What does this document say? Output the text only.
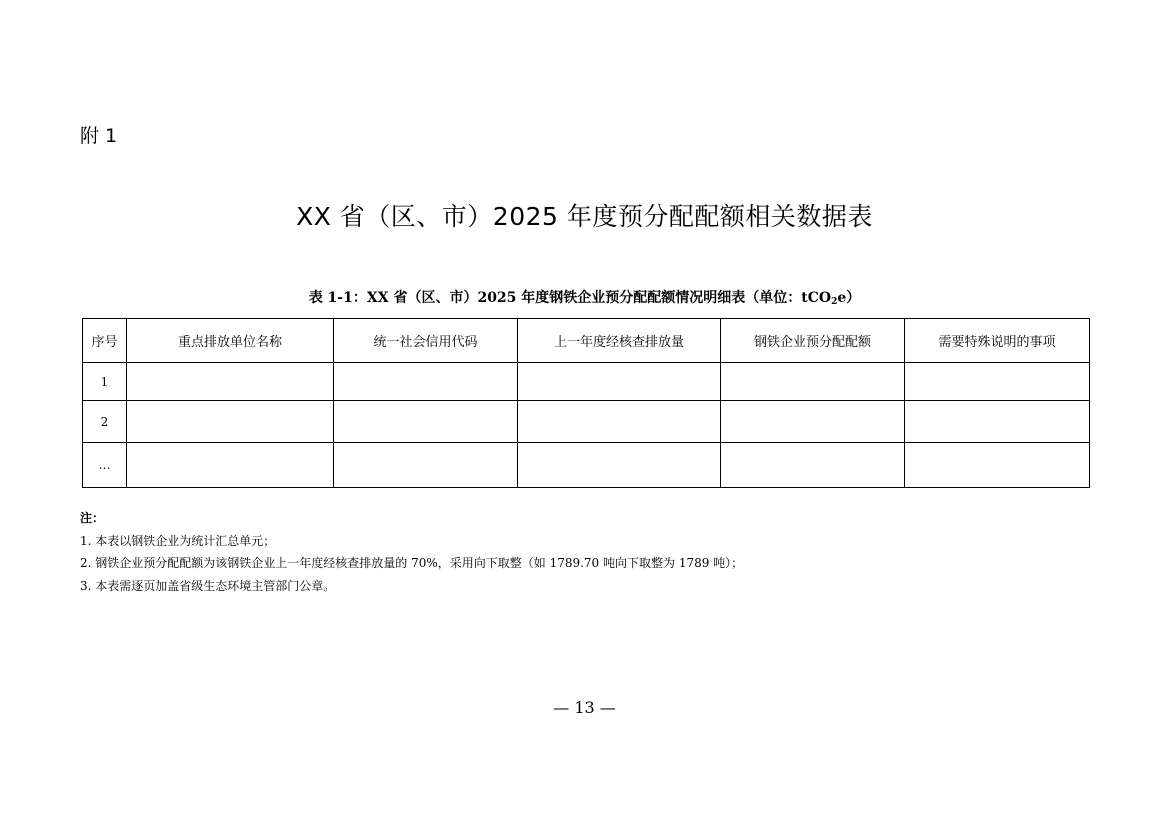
附 1
XX 省（区、市）2025 年度预分配配额相关数据表
表 1-1：XX 省（区、市）2025 年度钢铁企业预分配配额情况明细表（单位：tCO$_2$e）
序号	重点排放单位名称	统一社会信用代码	上一年度经核查排放量	钢铁企业预分配配额	需要特殊说明的事项
1					
2					
…					
注：
1. 本表以钢铁企业为统计汇总单元；
2. 钢铁企业预分配配额为该钢铁企业上一年度经核查排放量的 70%，采用向下取整（如 1789.70 吨向下取整为 1789 吨）；
3. 本表需逐页加盖省级生态环境主管部门公章。
— 13 —
